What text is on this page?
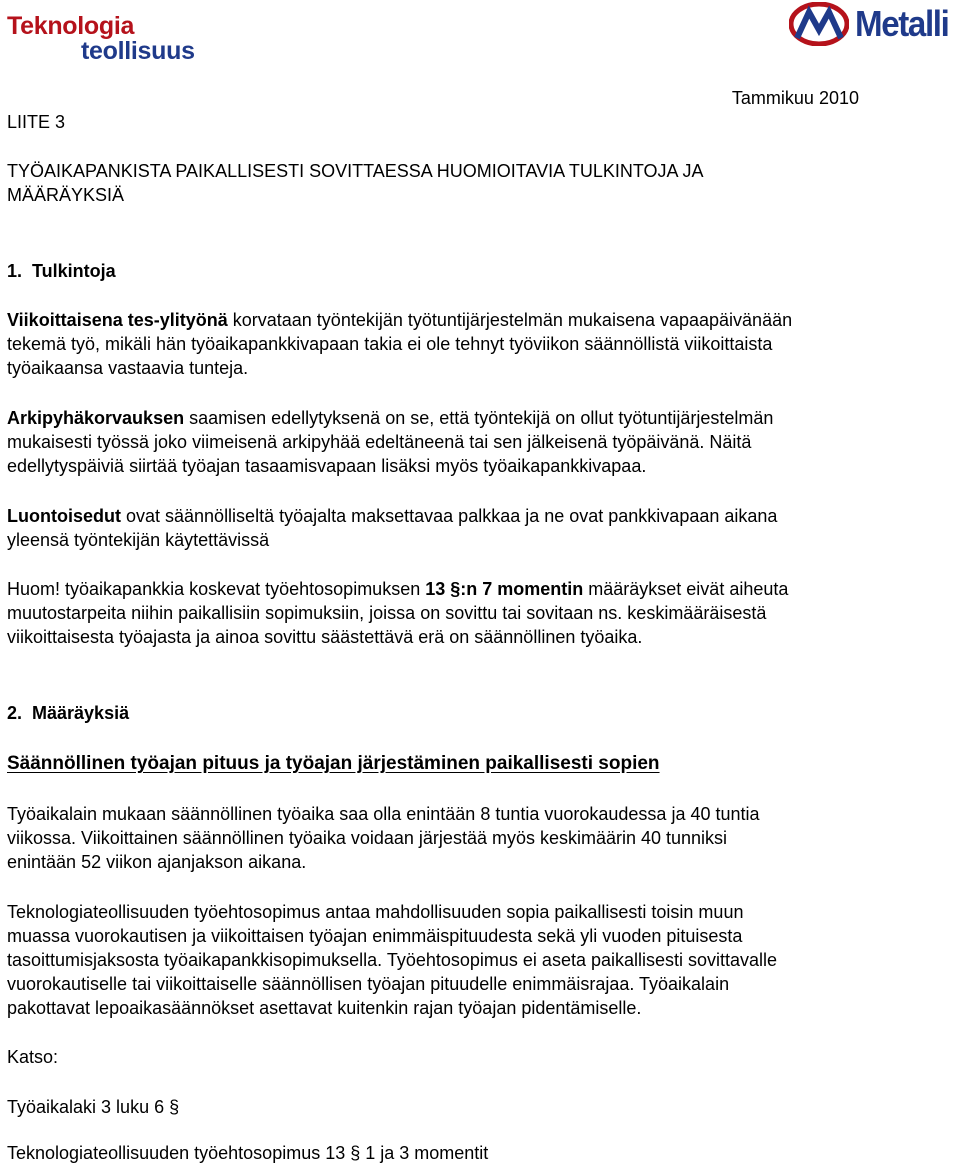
Teknologia
teollisuus
Metalli
Tammikuu 2010
LIITE 3
TYÖAIKAPANKISTA PAIKALLISESTI SOVITTAESSA HUOMIOITAVIA TULKINTOJA JA
MÄÄRÄYKSIÄ
1.  Tulkintoja
Viikoittaisena tes-ylityönä korvataan työntekijän työtuntijärjestelmän mukaisena vapaapäivänään
tekemä työ, mikäli hän työaikapankkivapaan takia ei ole tehnyt työviikon säännöllistä viikoittaista
työaikaansa vastaavia tunteja.
Arkipyhäkorvauksen saamisen edellytyksenä on se, että työntekijä on ollut työtuntijärjestelmän
mukaisesti työssä joko viimeisenä arkipyhää edeltäneenä tai sen jälkeisenä työpäivänä. Näitä
edellytyspäiviä siirtää työajan tasaamisvapaan lisäksi myös työaikapankkivapaa.
Luontoisedut ovat säännölliseltä työajalta maksettavaa palkkaa ja ne ovat pankkivapaan aikana
yleensä työntekijän käytettävissä
Huom! työaikapankkia koskevat työehtosopimuksen 13 §:n 7 momentin määräykset eivät aiheuta
muutostarpeita niihin paikallisiin sopimuksiin, joissa on sovittu tai sovitaan ns. keskimääräisestä
viikoittaisesta työajasta ja ainoa sovittu säästettävä erä on säännöllinen työaika.
2.  Määräyksiä
Säännöllinen työajan pituus ja työajan järjestäminen paikallisesti sopien
Työaikalain mukaan säännöllinen työaika saa olla enintään 8 tuntia vuorokaudessa ja 40 tuntia
viikossa. Viikoittainen säännöllinen työaika voidaan järjestää myös keskimäärin 40 tunniksi
enintään 52 viikon ajanjakson aikana.
Teknologiateollisuuden työehtosopimus antaa mahdollisuuden sopia paikallisesti toisin muun
muassa vuorokautisen ja viikoittaisen työajan enimmäispituudesta sekä yli vuoden pituisesta
tasoittumisjaksosta työaikapankkisopimuksella. Työehtosopimus ei aseta paikallisesti sovittavalle
vuorokautiselle tai viikoittaiselle säännöllisen työajan pituudelle enimmäisrajaa. Työaikalain
pakottavat lepoaikasäännökset asettavat kuitenkin rajan työajan pidentämiselle.
Katso:
Työaikalaki 3 luku 6 §
Teknologiateollisuuden työehtosopimus 13 § 1 ja 3 momentit
